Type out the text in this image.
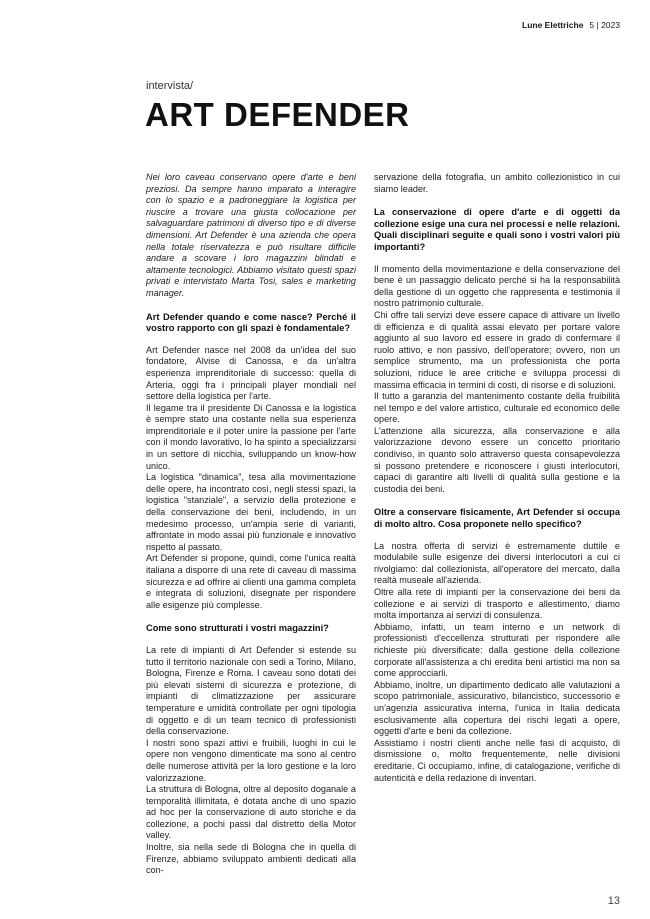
Lune Elettriche 5 | 2023
intervista/
ART DEFENDER

Nei loro caveau conservano opere d'arte e beni preziosi. Da sempre hanno imparato a interagire con lo spazio e a padroneggiare la logistica per riuscire a trovare una giusta collocazione per salvaguardare patrimoni di diverso tipo e di diverse dimensioni. Art Defender è una azienda che opera nella totale riservatezza e può risultare difficile andare a scovare i loro magazzini blindati e altamente tecnologici. Abbiamo visitato questi spazi privati e intervistato Marta Tosi, sales e marketing manager.

Art Defender quando e come nasce? Perché il vostro rapporto con gli spazi è fondamentale?

Art Defender nasce nel 2008 da un'idea del suo fondatore, Alvise di Canossa, e da un'altra esperienza imprenditoriale di successo: quella di Arteria, oggi fra i principali player mondiali nel settore della logistica per l'arte.

Il legame tra il presidente Di Canossa e la logistica è sempre stato una costante nella sua esperienza imprenditoriale e il poter unire la passione per l'arte con il mondo lavorativo, lo ha spinto a specializzarsi in un settore di nicchia, sviluppando un know-how unico.

La logistica "dinamica", tesa alla movimentazione delle opere, ha incontrato così, negli stessi spazi, la logistica "stanziale", a servizio della protezione e della conservazione dei beni, includendo, in un medesimo processo, un'ampia serie di varianti, affrontate in modo assai più funzionale e innovativo rispetto al passato.

Art Defender si propone, quindi, come l'unica realtà italiana a disporre di una rete di caveau di massima sicurezza e ad offrire ai clienti una gamma completa e integrata di soluzioni, disegnate per rispondere alle esigenze più complesse.

Come sono strutturati i vostri magazzini?

La rete di impianti di Art Defender si estende su tutto il territorio nazionale con sedi a Torino, Milano, Bologna, Firenze e Roma. I caveau sono dotati dei più elevati sistemi di sicurezza e protezione, di impianti di climatizzazione per assicurare temperature e umidità controllate per ogni tipologia di oggetto e di un team tecnico di professionisti della conservazione.

I nostri sono spazi attivi e fruibili, luoghi in cui le opere non vengono dimenticate ma sono al centro delle numerose attività per la loro gestione e la loro valorizzazione.

La struttura di Bologna, oltre al deposito doganale a temporalità illimitata, è dotata anche di uno spazio ad hoc per la conservazione di auto storiche e da collezione, a pochi passi dal distretto della Motor valley.

Inoltre, sia nella sede di Bologna che in quella di Firenze, abbiamo sviluppato ambienti dedicati alla con-

servazione della fotografia, un ambito collezionistico in cui siamo leader.

La conservazione di opere d'arte e di oggetti da collezione esige una cura nei processi e nelle relazioni. Quali disciplinari seguite e quali sono i vostri valori più importanti?

Il momento della movimentazione e della conservazione del bene è un passaggio delicato perché si ha la responsabilità della gestione di un oggetto che rappresenta e testimonia il nostro patrimonio culturale.

Chi offre tali servizi deve essere capace di attivare un livello di efficienza e di qualità assai elevato per portare valore aggiunto al suo lavoro ed essere in grado di confermare il ruolo attivo, e non passivo, dell'operatore; ovvero, non un semplice strumento, ma un professionista che porta soluzioni, riduce le aree critiche e sviluppa processi di massima efficacia in termini di costi, di risorse e di soluzioni.

Il tutto a garanzia del mantenimento costante della fruibilità nel tempo e del valore artistico, culturale ed economico delle opere.

L'attenzione alla sicurezza, alla conservazione e alla valorizzazione devono essere un concetto prioritario condiviso, in quanto solo attraverso questa consapevolezza si possono pretendere e riconoscere i giusti interlocutori, capaci di garantire alti livelli di qualità sulla gestione e la custodia dei beni.

Oltre a conservare fisicamente, Art Defender si occupa di molto altro. Cosa proponete nello specifico?

La nostra offerta di servizi è estremamente duttile e modulabile sulle esigenze dei diversi interlocutori a cui ci rivolgiamo: dal collezionista, all'operatore del mercato, dalla realtà museale all'azienda.

Oltre alla rete di impianti per la conservazione dei beni da collezione e ai servizi di trasporto e allestimento, diamo molta importanza ai servizi di consulenza.

Abbiamo, infatti, un team interno e un network di professionisti d'eccellenza strutturati per rispondere alle richieste più diversificate: dalla gestione della collezione corporate all'assistenza a chi eredita beni artistici ma non sa come approcciarli.

Abbiamo, inoltre, un dipartimento dedicato alle valutazioni a scopo patrimoniale, assicurativo, bilancistico, successorio e un'agenzia assicurativa interna, l'unica in Italia dedicata esclusivamente alla copertura dei rischi legati a opere, oggetti d'arte e beni da collezione.

Assistiamo i nostri clienti anche nelle fasi di acquisto, di dismissione o, molto frequentemente, nelle divisioni ereditarie. Ci occupiamo, infine, di catalogazione, verifiche di autenticità e della redazione di inventari.

13
